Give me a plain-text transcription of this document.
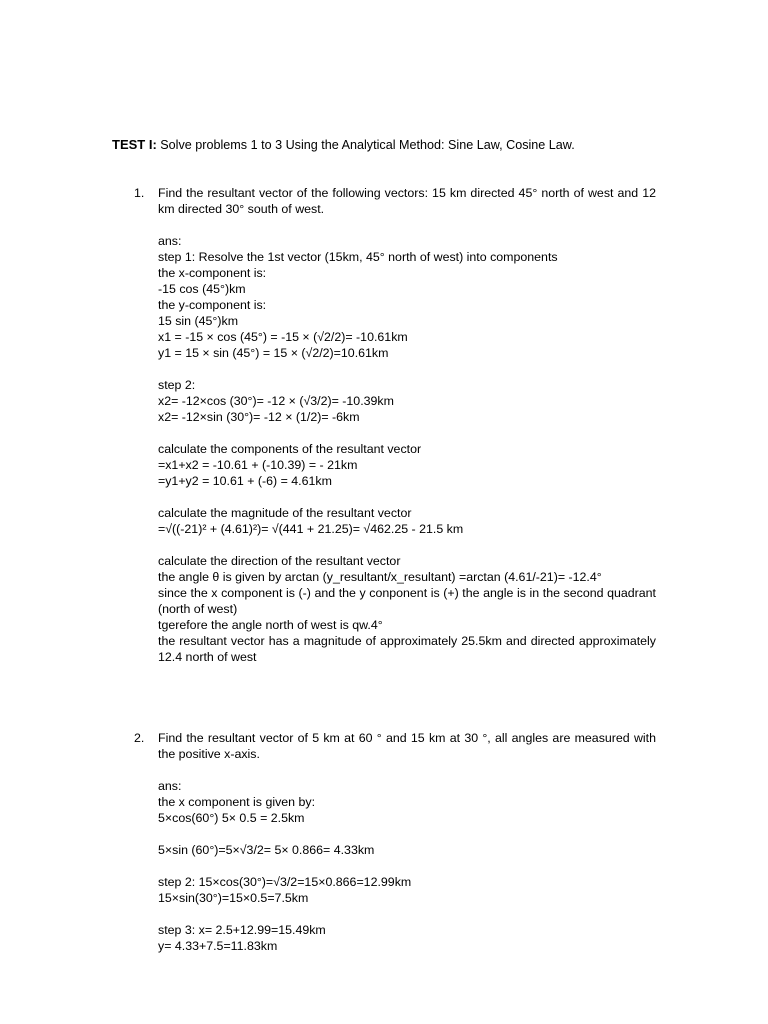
TEST I: Solve problems 1 to 3 Using the Analytical Method: Sine Law, Cosine Law.
1. Find the resultant vector of the following vectors: 15 km directed 45° north of west and 12 km directed 30° south of west.

ans:
step 1: Resolve the 1st vector (15km, 45° north of west) into components
the x-component is:
-15 cos (45°)km
the y-component is:
15 sin (45°)km
x1 = -15 × cos (45°) = -15 × (√2/2)= -10.61km
y1 = 15 × sin (45°) = 15 × (√2/2)=10.61km
step 2:
x2= -12×cos (30°)= -12 × (√3/2)= -10.39km
x2= -12×sin (30°)= -12 × (1/2)= -6km
calculate the components of the resultant vector
=x1+x2 = -10.61 + (-10.39) = - 21km
=y1+y2 = 10.61 + (-6) = 4.61km
calculate the magnitude of the resultant vector
=√((-21)² + (4.61)²)= √(441 + 21.25)= √462.25 - 21.5 km
calculate the direction of the resultant vector
the angle θ is given by arctan (y_resultant/x_resultant) =arctan (4.61/-21)= -12.4°
since the x component is (-) and the y conponent is (+) the angle is in the second quadrant (north of west)
tgerefore the angle north of west is qw.4°
the resultant vector has a magnitude of approximately 25.5km and directed approximately 12.4 north of west
2. Find the resultant vector of 5 km at 60 ° and 15 km at 30 °, all angles are measured with the positive x‑axis.

ans:
the x component is given by:
5×cos(60°) 5× 0.5 = 2.5km
5×sin (60°)=5×√3/2= 5× 0.866= 4.33km
step 2: 15×cos(30°)=√3/2=15×0.866=12.99km
15×sin(30°)=15×0.5=7.5km
step 3: x= 2.5+12.99=15.49km
y= 4.33+7.5=11.83km
